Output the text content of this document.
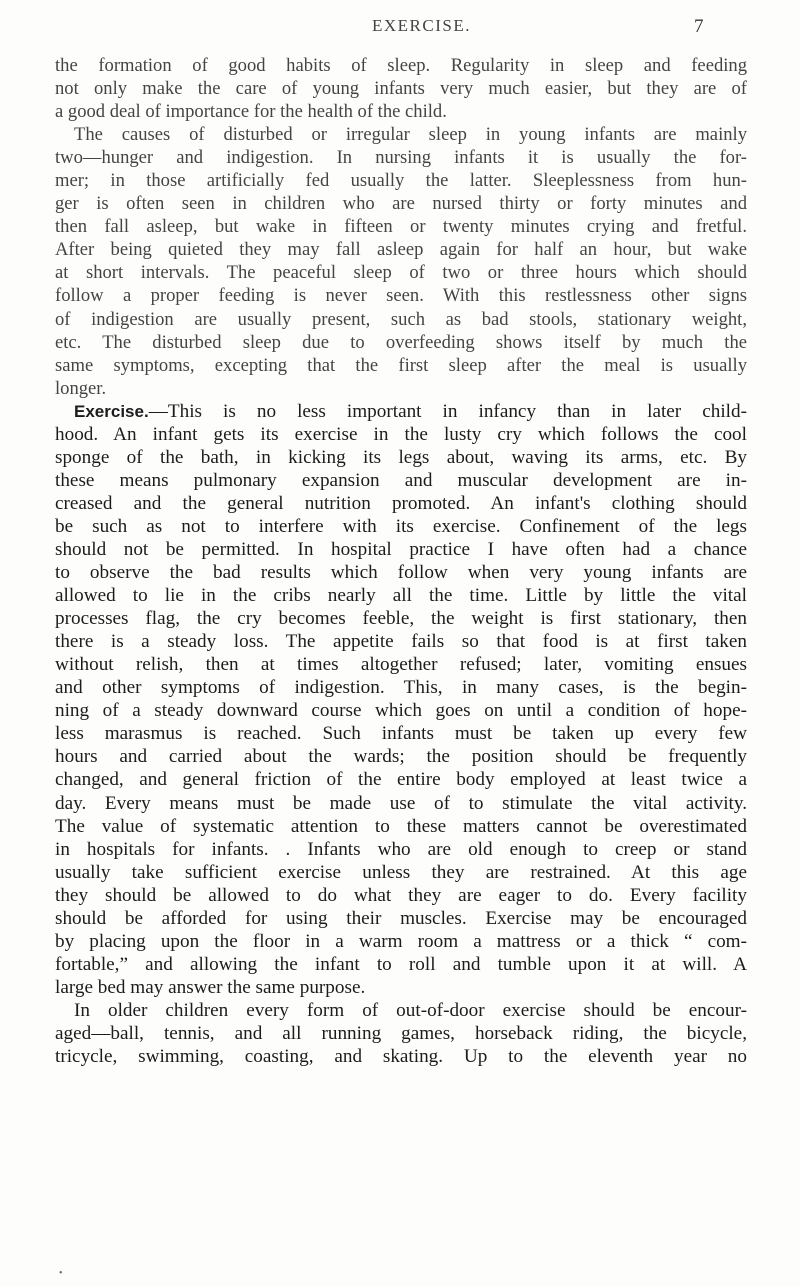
EXERCISE.	7
the formation of good habits of sleep. Regularity in sleep and feeding
not only make the care of young infants very much easier, but they are of
a good deal of importance for the health of the child.
The causes of disturbed or irregular sleep in young infants are mainly
two—hunger and indigestion. In nursing infants it is usually the for-
mer; in those artificially fed usually the latter. Sleeplessness from hun-
ger is often seen in children who are nursed thirty or forty minutes and
then fall asleep, but wake in fifteen or twenty minutes crying and fretful.
After being quieted they may fall asleep again for half an hour, but wake
at short intervals. The peaceful sleep of two or three hours which should
follow a proper feeding is never seen. With this restlessness other signs
of indigestion are usually present, such as bad stools, stationary weight,
etc. The disturbed sleep due to overfeeding shows itself by much the
same symptoms, excepting that the first sleep after the meal is usually
longer.
Exercise.—This is no less important in infancy than in later child-
hood. An infant gets its exercise in the lusty cry which follows the cool
sponge of the bath, in kicking its legs about, waving its arms, etc. By
these means pulmonary expansion and muscular development are in-
creased and the general nutrition promoted. An infant's clothing should
be such as not to interfere with its exercise. Confinement of the legs
should not be permitted. In hospital practice I have often had a chance
to observe the bad results which follow when very young infants are
allowed to lie in the cribs nearly all the time. Little by little the vital
processes flag, the cry becomes feeble, the weight is first stationary, then
there is a steady loss. The appetite fails so that food is at first taken
without relish, then at times altogether refused; later, vomiting ensues
and other symptoms of indigestion. This, in many cases, is the begin-
ning of a steady downward course which goes on until a condition of hope-
less marasmus is reached. Such infants must be taken up every few
hours and carried about the wards; the position should be frequently
changed, and general friction of the entire body employed at least twice a
day. Every means must be made use of to stimulate the vital activity.
The value of systematic attention to these matters cannot be overestimated
in hospitals for infants. . Infants who are old enough to creep or stand
usually take sufficient exercise unless they are restrained. At this age
they should be allowed to do what they are eager to do. Every facility
should be afforded for using their muscles. Exercise may be encouraged
by placing upon the floor in a warm room a mattress or a thick “ com-
fortable,” and allowing the infant to roll and tumble upon it at will. A
large bed may answer the same purpose.
In older children every form of out-of-door exercise should be encour-
aged—ball, tennis, and all running games, horseback riding, the bicycle,
tricycle, swimming, coasting, and skating. Up to the eleventh year no
•
